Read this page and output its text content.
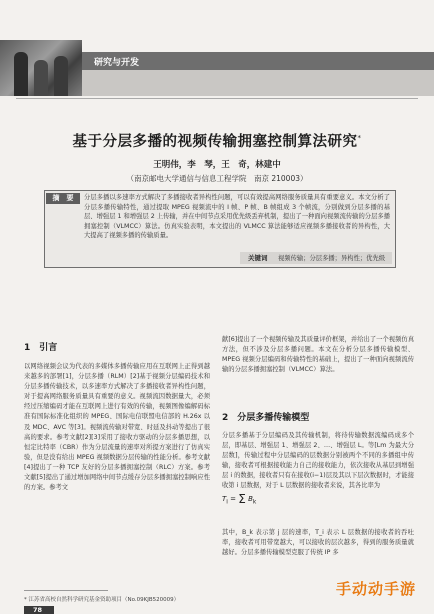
研究与开发
基于分层多播的视频传输拥塞控制算法研究*
王明伟，李　琴，王　奇，林建中
（南京邮电大学通信与信息工程学院　南京 210003）
摘　要	分层多播以多速率方式解决了多播接收者异构性问题，可以有效提高网络服务质量具有重要意义。本文分析了分层多播传输特性，通过提取 MPEG 视频流中的 I 帧、P 帧、B 帧组成 3 个帧流，分别做到分层多播的基层、增强层 1 和增强层 2 上传输，并在中间节点采用优先级丢弃机制，提出了一种面向视频流传输的分层多播拥塞控制（VLMCC）算法。仿真实验表明，本文提出的 VLMCC 算法能够适应视频多播接收者的异构性，大大提高了视频多播的传输质量。
关键词 视频传输；分层多播；异构性；优先级
1　引言
以网络视频会议为代表的多媒体多播传输应用在互联网上正得到越来越多的部署[1]，分层多播（RLM）[2]基于视频分层编码技术和分层多播传输技术，以多速率方式解决了多播接收者异构性问题，对于提高网络服务质量具有重要的意义。视频流因数据量大，必须经过压缩编码才能在互联网上进行有效的传输，视频图像编解码标准有国际标准化组织的 MPEG、国际电信联盟电信部的 H.26x 以及 MDC、AVC 等[3]。视频流传输对带宽、时延及抖动等提出了很高的要求。参考文献[2][3]采用了接收方驱动的分层多播思想，以恒定比特率（CBR）作为分层流量的速率对所提方案进行了仿真实验，但是没有给出 MPEG 视频数据分层传输的性能分析。参考文献[4]提出了一种 TCP 友好的分层多播拥塞控制（RLC）方案。参考文献[5]提出了通过增加网络中间节点缓存分层多播拥塞控制响应性的方案。参考文
献[6]提出了一个视频传输及其质量评价框架，并给出了一个视频仿真方法，但不涉及分层多播问题。本文在分析分层多播传输模型、MPEG 视频分层编码和传输特性的基础上，提出了一种面向视频流传输的分层多播拥塞控制（VLMCC）算法。
2　分层多播传输模型
分层多播基于分层编码及其传输机制，将待传输数据流编码成多个层，即基层、增强层 1、增强层 2、…、增强层 L。等[Lm 为最大分层数]，传输过程中分层编码的层数据分别被两个不同的多播组中传输，接收者可根据接收能力自己的接收能力，依次接收从基层到增强层 i 的数据，接收者只有在接收(i−1)层及其以下层次数据时，才能接收第 i 层数据，对于 L 层数据的接收者来说，其各比率为
$T_i = \Sigma$ $B_k$
其中，B_k 表示第 j 层的速率，T_i 表示 L 层数据的接收者的吞吐率，接收者可用带宽越大，可以接收的层次越多，得到的服务质量就越好。分层多播传输模型克服了传统 IP 多
* 江苏省高校自然科学研究基金资助项目（No.09KJB520009）
78
手动动手游
